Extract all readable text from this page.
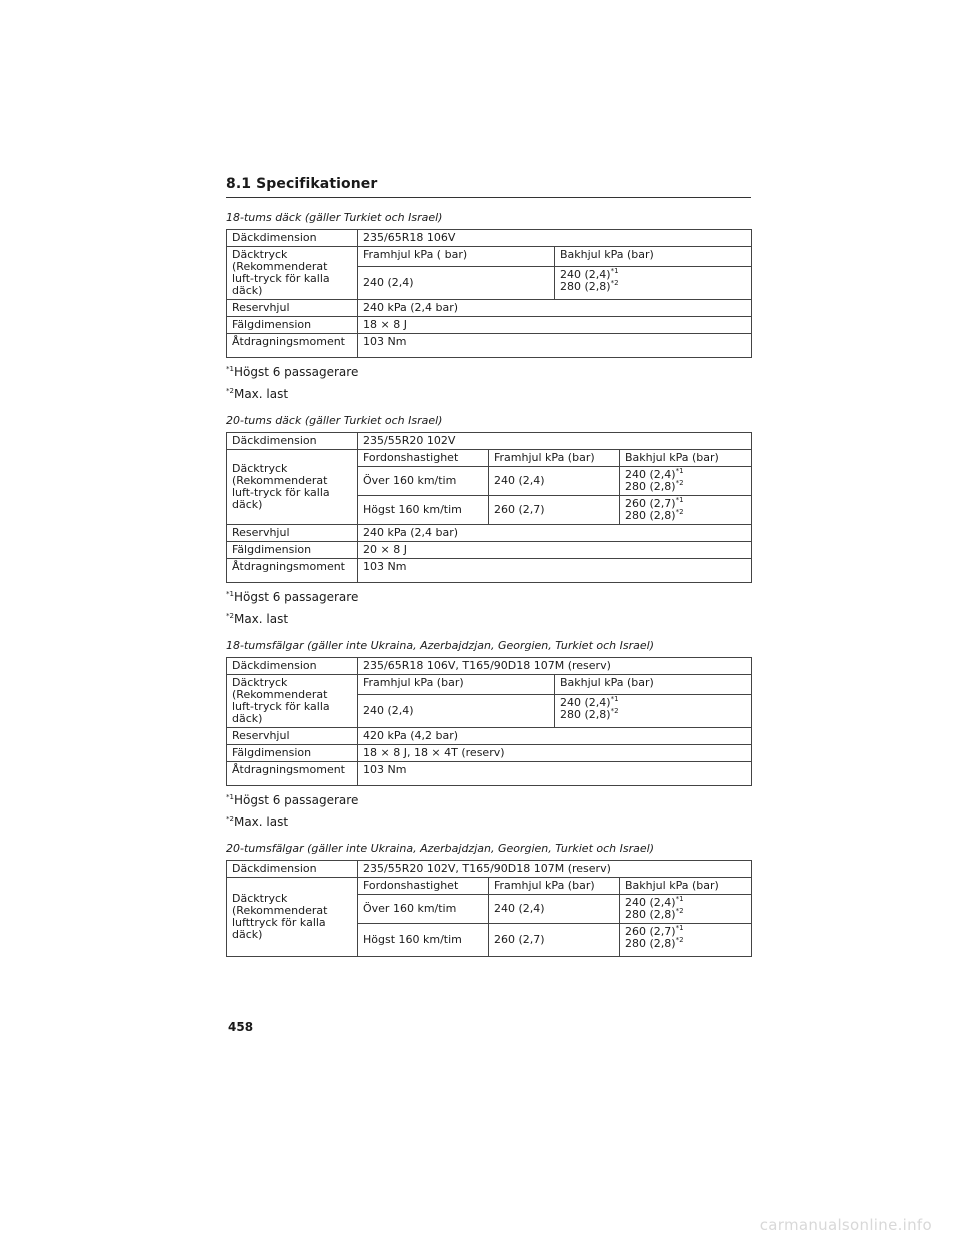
8.1 Specifikationer
18-tums däck (gäller Turkiet och Israel)
Däckdimension	235/65R18 106V	
Däcktryck (Rekommenderat luft-tryck för kalla däck)	Framhjul kPa ( bar)	Bakhjul kPa (bar)
	240 (2,4)	240 $(2,4)^{*1}$
280 $(2,8)^{*2}$
Reservhjul	240 kPa (2,4 bar)	
Fälgdimension	18 × 8 J	
Åtdragningsmoment	103 Nm	
$^{*1}$Högst 6 passagerare
$^{*2}$Max. last
20-tums däck (gäller Turkiet och Israel)
Däckdimension	235/55R20 102V		
Däcktryck (Rekommenderat luft-tryck för kalla däck)	Fordonshastighet	Framhjul kPa (bar)	Bakhjul kPa (bar)
	Över 160 km/tim	240 (2,4)	240 $(2,4)^{*1}$
280 $(2,8)^{*2}$
	Högst 160 km/tim	260 (2,7)	260 $(2,7)^{*1}$
280 $(2,8)^{*2}$
Reservhjul	240 kPa (2,4 bar)		
Fälgdimension	20 × 8 J		
Åtdragningsmoment	103 Nm		
$^{*1}$Högst 6 passagerare
$^{*2}$Max. last
18-tumsfälgar (gäller inte Ukraina, Azerbajdzjan, Georgien, Turkiet och Israel)
Däckdimension	235/65R18 106V, T165/90D18 107M (reserv)	
Däcktryck (Rekommenderat luft-tryck för kalla däck)	Framhjul kPa (bar)	Bakhjul kPa (bar)
	240 (2,4)	240 $(2,4)^{*1}$
280 $(2,8)^{*2}$
Reservhjul	420 kPa (4,2 bar)	
Fälgdimension	18 × 8 J, 18 × 4T (reserv)	
Åtdragningsmoment	103 Nm	
$^{*1}$Högst 6 passagerare
$^{*2}$Max. last
20-tumsfälgar (gäller inte Ukraina, Azerbajdzjan, Georgien, Turkiet och Israel)
Däckdimension	235/55R20 102V, T165/90D18 107M (reserv)		
Däcktryck (Rekommenderat lufttryck för kalla däck)	Fordonshastighet	Framhjul kPa (bar)	Bakhjul kPa (bar)
	Över 160 km/tim	240 (2,4)	240 $(2,4)^{*1}$
280 $(2,8)^{*2}$
	Högst 160 km/tim	260 (2,7)	260 $(2,7)^{*1}$
280 $(2,8)^{*2}$
458
carmanualsonline.info
